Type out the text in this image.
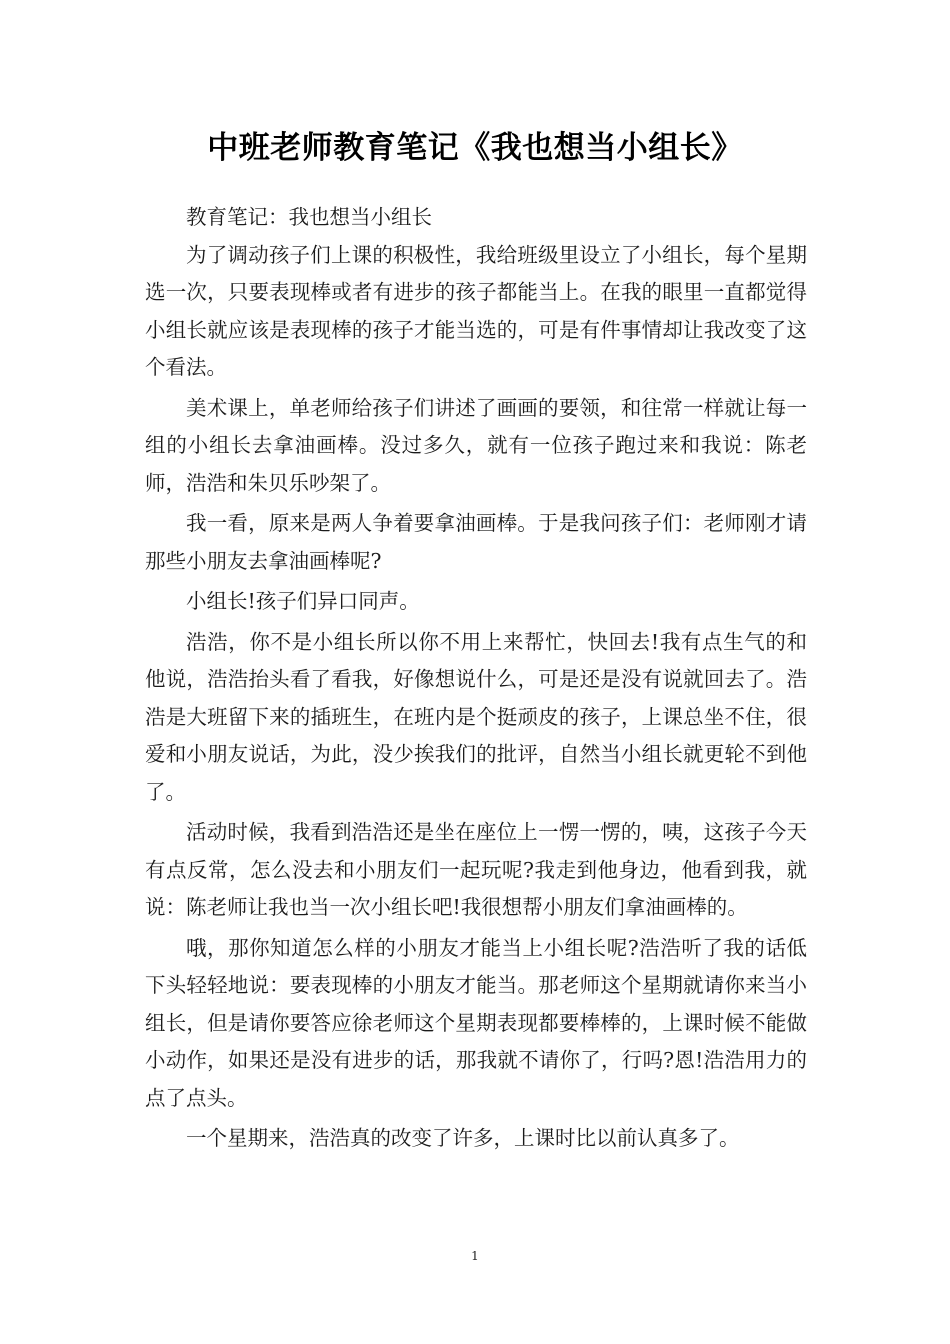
中班老师教育笔记《我也想当小组长》

教育笔记：我也想当小组长

为了调动孩子们上课的积极性，我给班级里设立了小组长，每个星期选一次，只要表现棒或者有进步的孩子都能当上。在我的眼里一直都觉得小组长就应该是表现棒的孩子才能当选的，可是有件事情却让我改变了这个看法。

美术课上，单老师给孩子们讲述了画画的要领，和往常一样就让每一组的小组长去拿油画棒。没过多久，就有一位孩子跑过来和我说：陈老师，浩浩和朱贝乐吵架了。

我一看，原来是两人争着要拿油画棒。于是我问孩子们：老师刚才请那些小朋友去拿油画棒呢?

小组长!孩子们异口同声。

浩浩，你不是小组长所以你不用上来帮忙，快回去!我有点生气的和他说，浩浩抬头看了看我，好像想说什么，可是还是没有说就回去了。浩浩是大班留下来的插班生，在班内是个挺顽皮的孩子，上课总坐不住，很爱和小朋友说话，为此，没少挨我们的批评，自然当小组长就更轮不到他了。

活动时候，我看到浩浩还是坐在座位上一愣一愣的，咦，这孩子今天有点反常，怎么没去和小朋友们一起玩呢?我走到他身边，他看到我，就说：陈老师让我也当一次小组长吧!我很想帮小朋友们拿油画棒的。

哦，那你知道怎么样的小朋友才能当上小组长呢?浩浩听了我的话低下头轻轻地说：要表现棒的小朋友才能当。那老师这个星期就请你来当小组长，但是请你要答应徐老师这个星期表现都要棒棒的，上课时候不能做小动作，如果还是没有进步的话，那我就不请你了，行吗?恩!浩浩用力的点了点头。

一个星期来，浩浩真的改变了许多，上课时比以前认真多了。

1
